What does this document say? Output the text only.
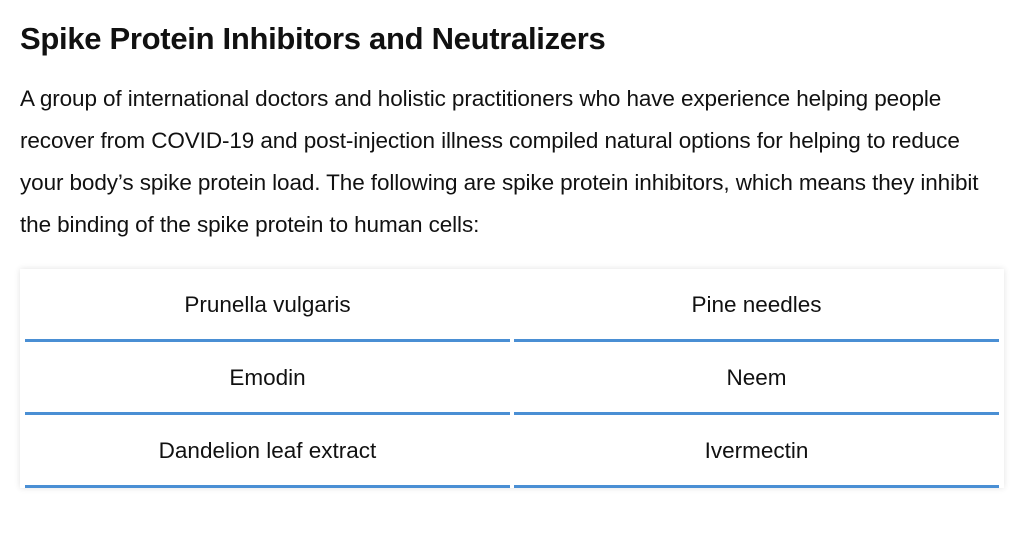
Spike Protein Inhibitors and Neutralizers

A group of international doctors and holistic practitioners who have experience helping people recover from COVID-19 and post-injection illness compiled natural options for helping to reduce your body’s spike protein load. The following are spike protein inhibitors, which means they inhibit the binding of the spike protein to human cells:

Prunella vulgaris	Pine needles
Emodin	Neem
Dandelion leaf extract	Ivermectin
